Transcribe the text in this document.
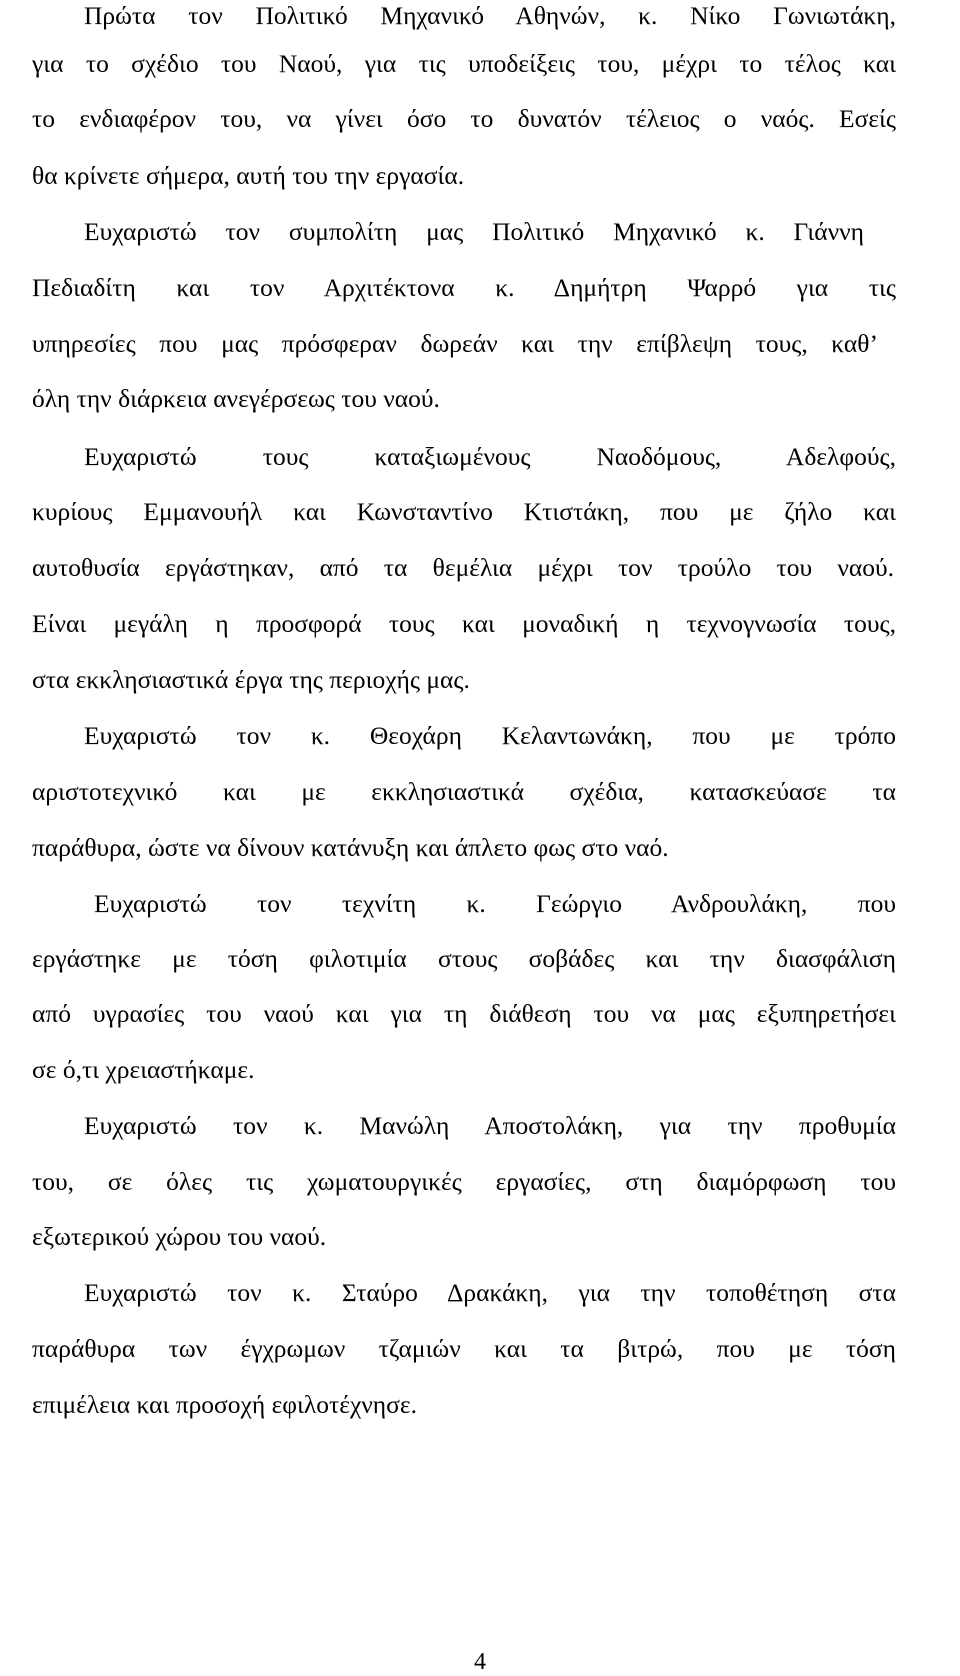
Πρώτα τον Πολιτικό Μηχανικό Αθηνών, κ. Νίκο Γωνιωτάκη,
για το σχέδιο του Ναού, για τις υποδείξεις του, μέχρι το τέλος και
το ενδιαφέρον του, να γίνει όσο το δυνατόν τέλειος ο ναός. Εσείς
θα κρίνετε σήμερα, αυτή του την εργασία.
Ευχαριστώ τον συμπολίτη μας Πολιτικό Μηχανικό κ. Γιάννη
Πεδιαδίτη και τον Αρχιτέκτονα κ. Δημήτρη Ψαρρό για τις
υπηρεσίες που μας πρόσφεραν δωρεάν και την επίβλεψη τους, καθ’
όλη την διάρκεια ανεγέρσεως του ναού.
Ευχαριστώ τους καταξιωμένους Ναοδόμους, Αδελφούς,
κυρίους Εμμανουήλ και Κωνσταντίνο Κτιστάκη, που με ζήλο και
αυτοθυσία εργάστηκαν, από τα θεμέλια μέχρι τον τρούλο του ναού.
Είναι μεγάλη η προσφορά τους και μοναδική η τεχνογνωσία τους,
στα εκκλησιαστικά έργα της περιοχής μας.
Ευχαριστώ τον κ. Θεοχάρη Κελαντωνάκη, που με τρόπο
αριστοτεχνικό και με εκκλησιαστικά σχέδια, κατασκεύασε τα
παράθυρα, ώστε να δίνουν κατάνυξη και άπλετο φως στο ναό.
Ευχαριστώ τον τεχνίτη κ. Γεώργιο Ανδρουλάκη, που
εργάστηκε με τόση φιλοτιμία στους σοβάδες και την διασφάλιση
από υγρασίες του ναού και για τη διάθεση του να μας εξυπηρετήσει
σε ό,τι χρειαστήκαμε.
Ευχαριστώ τον κ. Μανώλη Αποστολάκη, για την προθυμία
του, σε όλες τις χωματουργικές εργασίες, στη διαμόρφωση του
εξωτερικού χώρου του ναού.
Ευχαριστώ τον κ. Σταύρο Δρακάκη, για την τοποθέτηση στα
παράθυρα των έγχρωμων τζαμιών και τα βιτρώ, που με τόση
επιμέλεια και προσοχή εφιλοτέχνησε.
4
